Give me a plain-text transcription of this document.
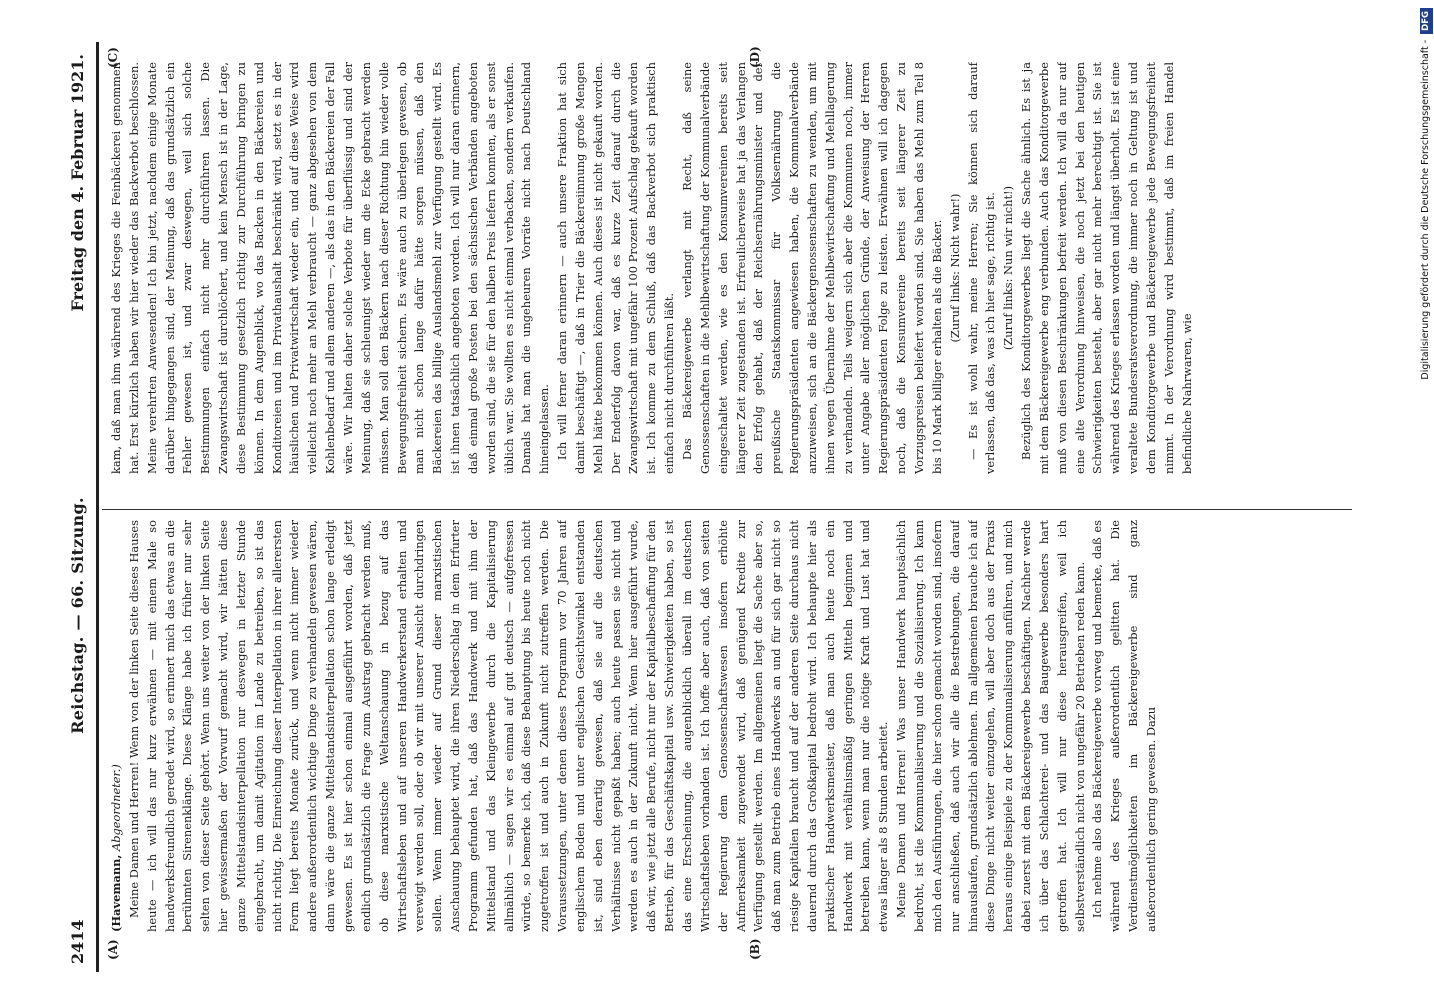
2414
Reichstag. — 66. Sitzung.
Freitag den 4. Februar 1921.
(A)	(B)
(C)	(D)

(Havemann, Abgeordneter.) Meine Damen und Herren! Wenn von der linken Seite dieses Hauses heute — ich will das nur kurz erwähnen — mit einem Male so handwerksfreundlich geredet wird, so erinnert mich das etwas an die berühmten Sirenenklänge. Diese Klänge habe ich früher nur sehr selten von dieser Seite gehört. Wenn uns weiter von der linken Seite hier gewissermaßen der Vorwurf gemacht wird, wir hätten diese ganze Mittelstandsinterpellation nur deswegen in letzter Stunde eingebracht, um damit Agitation im Lande zu betreiben, so ist das nicht richtig. Die Einreichung dieser Interpellation in ihrer allerersten Form liegt bereits Monate zurück, und wenn nicht immer wieder andere außerordentlich wichtige Dinge zu verhandeln gewesen wären, dann wäre die ganze Mittelstandsinterpellation schon lange erledigt gewesen. Es ist hier schon einmal ausgeführt worden, daß jetzt endlich grundsätzlich die Frage zum Austrag gebracht werden muß, ob diese marxistische Weltanschauung in bezug auf das Wirtschaftsleben und auf unseren Handwerkerstand erhalten und verewigt werden soll, oder ob wir mit unserer Ansicht durchdringen sollen. Wenn immer wieder auf Grund dieser marxistischen Anschauung behauptet wird, die ihren Niederschlag in dem Erfurter Programm gefunden hat, daß das Handwerk und mit ihm der Mittelstand und das Kleingewerbe durch die Kapitalisierung allmählich — sagen wir es einmal auf gut deutsch — aufgefressen würde, so bemerke ich, daß diese Behauptung bis heute noch nicht zugetroffen ist und auch in Zukunft nicht zutreffen werden. Die Voraussetzungen, unter denen dieses Programm vor 70 Jahren auf englischem Boden und unter englischen Gesichtswinkel entstanden ist, sind eben derartig gewesen, daß sie auf die deutschen Verhältnisse nicht gepaßt haben; auch heute passen sie nicht und werden es auch in der Zukunft nicht. Wenn hier ausgeführt wurde, daß wir, wie jetzt alle Berufe, nicht nur der Kapitalbeschaffung für den Betrieb, für das Geschäftskapital usw. Schwierigkeiten haben, so ist das eine Erscheinung, die augenblicklich überall im deutschen Wirtschaftsleben vorhanden ist. Ich hoffe aber auch, daß von seiten der Regierung dem Genossenschaftswesen insofern erhöhte Aufmerksamkeit zugewendet wird, daß genügend Kredite zur Verfügung gestellt werden. Im allgemeinen liegt die Sache aber so, daß man zum Betrieb eines Handwerks an und für sich gar nicht so riesige Kapitalien braucht und auf der anderen Seite durchaus nicht dauernd durch das Großkapital bedroht wird. Ich behaupte hier als praktischer Handwerksmeister, daß man auch heute noch ein Handwerk mit verhältnismäßig geringen Mitteln beginnen und betreiben kann, wenn man nur die nötige Kraft und Lust hat und etwas länger als 8 Stunden arbeitet. Meine Damen und Herren! Was unser Handwerk hauptsächlich bedroht, ist die Kommunalisierung und die Sozialisierung. Ich kann mich den Ausführungen, die hier schon gemacht worden sind, insofern nur anschließen, daß auch wir alle die Bestrebungen, die darauf hinauslaufen, grundsätzlich ablehnen. Im allgemeinen brauche ich auf diese Dinge nicht weiter einzugehen, will aber doch aus der Praxis heraus einige Beispiele zu der Kommunalisierung anführen, und mich dabei zuerst mit dem Bäckereigewerbe beschäftigen. Nachher werde ich über das Schlachterei- und das Baugewerbe besonders hart getroffen hat. Ich will nur diese herausgreifen, weil ich selbstverständlich nicht von ungefähr 20 Betrieben reden kann. Ich nehme also das Bäckereigewerbe vorweg und bemerke, daß es während des Krieges außerordentlich gelitten hat. Die Verdienstmöglichkeiten im Bäckereigewerbe sind ganz außerordentlich gering gewesen. Dazu

kam, daß man ihm während des Krieges die Feinbäckerei genommen hat. Erst kürzlich haben wir hier wieder das Backverbot beschlossen. Meine verehrten Anwesenden! Ich bin jetzt, nachdem einige Monate darüber hingegangen sind, der Meinung, daß das grundsätzlich ein Fehler gewesen ist, und zwar deswegen, weil sich solche Bestimmungen einfach nicht mehr durchführen lassen. Die Zwangswirtschaft ist durchlöchert, und kein Mensch ist in der Lage, diese Bestimmung gesetzlich richtig zur Durchführung bringen zu können. In dem Augenblick, wo das Backen in den Bäckereien und Konditoreien und im Privathaushalt beschränkt wird, setzt es in der häuslichen und Privatwirtschaft wieder ein, und auf diese Weise wird vielleicht noch mehr an Mehl verbraucht — ganz abgesehen von dem Kohlenbedarf und allem anderen —, als das in den Bäckereien der Fall wäre. Wir halten daher solche Verbote für überflüssig und sind der Meinung, daß sie schleunigst wieder um die Ecke gebracht werden müssen. Man soll den Bäckern nach dieser Richtung hin wieder volle Bewegungsfreiheit sichern. Es wäre auch zu überlegen gewesen, ob man nicht schon lange dafür hätte sorgen müssen, daß den Bäckereien das billige Auslandsmehl zur Verfügung gestellt wird. Es ist ihnen tatsächlich angeboten worden. Ich will nur daran erinnern, daß einmal große Posten bei den sächsischen Verbänden angeboten worden sind, die sie für den halben Preis liefern konnten, als er sonst üblich war. Sie wollten es nicht einmal verbacken, sondern verkaufen. Damals hat man die ungeheuren Vorräte nicht nach Deutschland hineingelassen. Ich will ferner daran erinnern — auch unsere Fraktion hat sich damit beschäftigt —, daß in Trier die Bäckereiinnung große Mengen Mehl hätte bekommen können. Auch dieses ist nicht gekauft worden. Der Enderfolg davon war, daß es kurze Zeit darauf durch die Zwangswirtschaft mit ungefähr 100 Prozent Aufschlag gekauft worden ist. Ich komme zu dem Schluß, daß das Backverbot sich praktisch einfach nicht durchführen läßt. Das Bäckereigewerbe verlangt mit Recht, daß seine Genossenschaften in die Mehlbewirtschaftung der Kommunalverbände eingeschaltet werden, wie es den Konsumvereinen bereits seit längerer Zeit zugestanden ist. Erfreulicherweise hat ja das Verlangen den Erfolg gehabt, daß der Reichsernährungsminister und der preußische Staatskommissar für Volksernährung die Regierungspräsidenten angewiesen haben, die Kommunalverbände anzuweisen, sich an die Bäckergenossenschaften zu wenden, um mit ihnen wegen Übernahme der Mehlbewirtschaftung und Mehllagerung zu verhandeln. Teils weigern sich aber die Kommunen noch, immer unter Angabe aller möglichen Gründe, der Anweisung der Herren Regierungspräsidenten Folge zu leisten. Erwähnen will ich dagegen noch, daß die Konsumvereine bereits seit längerer Zeit zu Vorzugspreisen beliefert worden sind. Sie haben das Mehl zum Teil 8 bis 10 Mark billiger erhalten als die Bäcker. (Zuruf links: Nicht wahr!) — Es ist wohl wahr, meine Herren; Sie können sich darauf verlassen, daß das, was ich hier sage, richtig ist. (Zuruf links: Nun wir nicht!) Bezüglich des Konditorgewerbes liegt die Sache ähnlich. Es ist ja mit dem Bäckereigewerbe eng verbunden. Auch das Konditorgewerbe muß von diesen Beschränkungen befreit werden. Ich will da nur auf eine alte Verordnung hinweisen, die noch jetzt bei den heutigen Schwierigkeiten besteht, aber gar nicht mehr berechtigt ist. Sie ist während des Krieges erlassen worden und längst überholt. Es ist eine veraltete Bundesratsverordnung, die immer noch in Geltung ist und dem Konditorgewerbe und Bäckereigewerbe jede Bewegungsfreiheit nimmt. In der Verordnung wird bestimmt, daß im freien Handel befindliche Nahrwaren, wie

Digitalisierung gefördert durch die Deutsche Forschungsgemeinschaft -
DFG
